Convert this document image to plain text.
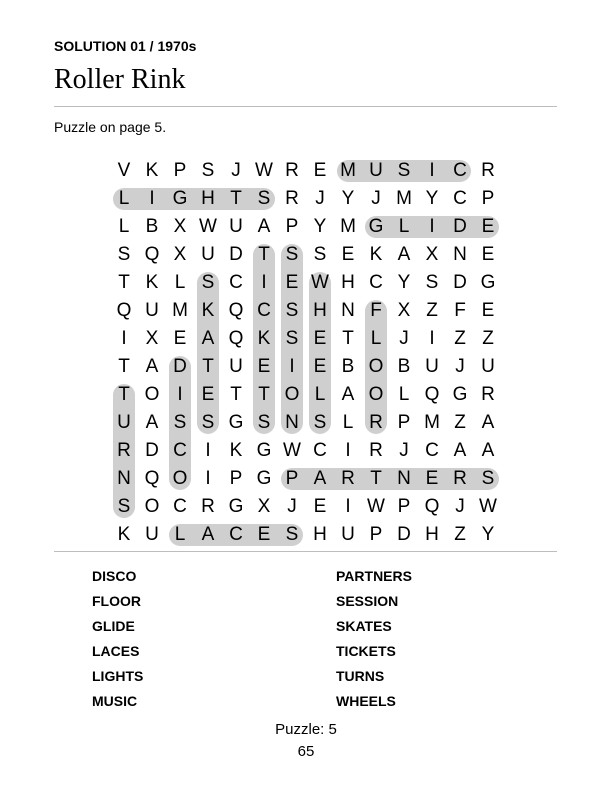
SOLUTION 01 / 1970s
Roller Rink
Puzzle on page 5.
V K P S J W R E M U S	I C R
L	I G H T S R J Y J M Y C P
L B X W U A P Y M G L	I D E
S Q X U D T S S E K A X N E
T K L S C I	E W H C Y S D G
Q U M K Q C S H N F X Z F E
I	X E A Q K S E T L J	I	Z Z
T A D T U E	I	E B O B U J U
T O I	E T T O L A O L Q G R
U A S S G S N S L R P M Z A
R D C I	K G W C I R J C A A
N Q O I	P G P A R T N E R S
S O C R G X J E	I W P Q J W
K U L A C E S H U P D H Z Y
DISCO
FLOOR
GLIDE
LACES
LIGHTS
MUSIC
PARTNERS
SESSION
SKATES
TICKETS
TURNS
WHEELS
Puzzle: 5
65
